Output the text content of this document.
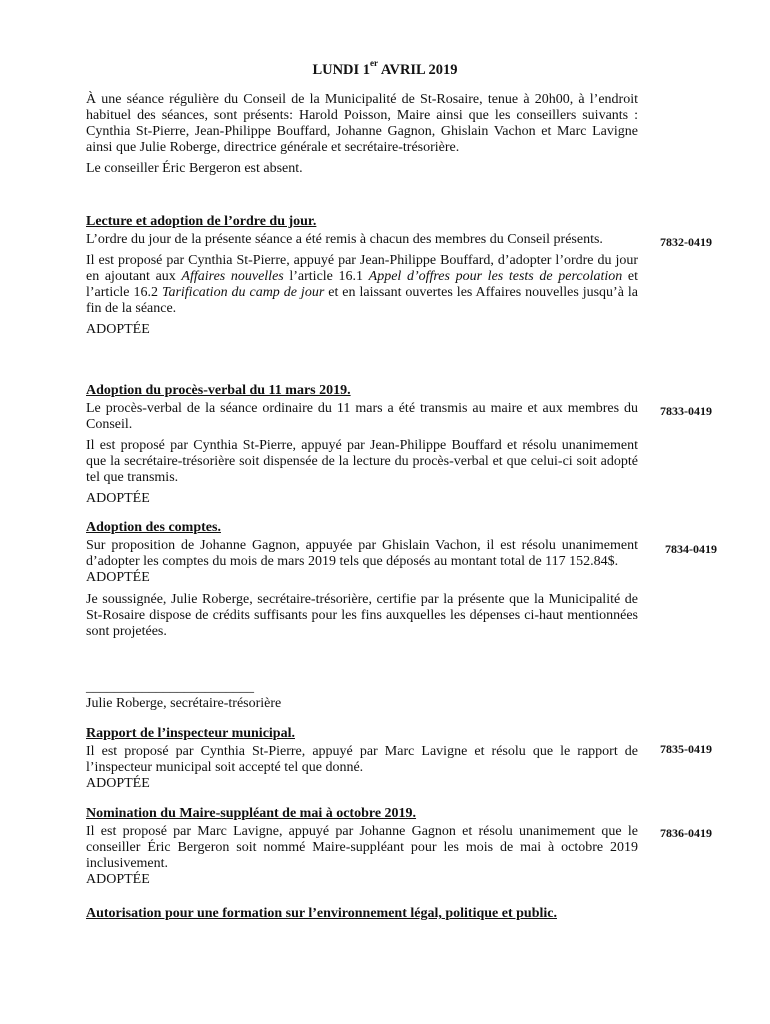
LUNDI 1er AVRIL 2019

À une séance régulière du Conseil de la Municipalité de St-Rosaire, tenue à 20h00, à l’endroit habituel des séances, sont présents: Harold Poisson, Maire ainsi que les conseillers suivants : Cynthia St-Pierre, Jean-Philippe Bouffard, Johanne Gagnon, Ghislain Vachon et Marc Lavigne ainsi que Julie Roberge, directrice générale et secrétaire-trésorière.

Le conseiller Éric Bergeron est absent.

Lecture et adoption de l’ordre du jour.

L’ordre du jour de la présente séance a été remis à chacun des membres du Conseil présents.

Il est proposé par Cynthia St-Pierre, appuyé par Jean-Philippe Bouffard, d’adopter l’ordre du jour en ajoutant aux Affaires nouvelles l’article 16.1 Appel d’offres pour les tests de percolation et l’article 16.2 Tarification du camp de jour et en laissant ouvertes les Affaires nouvelles jusqu’à la fin de la séance.

ADOPTÉE

7832-0419

Adoption du procès-verbal du 11 mars 2019.

Le procès-verbal de la séance ordinaire du 11 mars a été transmis au maire et aux membres du Conseil.

Il est proposé par Cynthia St-Pierre, appuyé par Jean-Philippe Bouffard et résolu unanimement que la secrétaire-trésorière soit dispensée de la lecture du procès-verbal et que celui-ci soit adopté tel que transmis.

ADOPTÉE

7833-0419

Adoption des comptes.

Sur proposition de Johanne Gagnon, appuyée par Ghislain Vachon, il est résolu unanimement d’adopter les comptes du mois de mars 2019 tels que déposés au montant total de 117 152.84$.

ADOPTÉE

Je soussignée, Julie Roberge, secrétaire-trésorière, certifie par la présente que la Municipalité de St-Rosaire dispose de crédits suffisants pour les fins auxquelles les dépenses ci-haut mentionnées sont projetées.

7834-0419

________________________

Julie Roberge, secrétaire-trésorière

Rapport de l’inspecteur municipal.

Il est proposé par Cynthia St-Pierre, appuyé par Marc Lavigne et résolu que le rapport de l’inspecteur municipal soit accepté tel que donné.

ADOPTÉE

7835-0419

Nomination du Maire-suppléant de mai à octobre 2019.

Il est proposé par Marc Lavigne, appuyé par Johanne Gagnon et résolu unanimement que le conseiller Éric Bergeron soit nommé Maire-suppléant pour les mois de mai à octobre 2019 inclusivement.

ADOPTÉE

7836-0419

Autorisation pour une formation sur l’environnement légal, politique et public.
